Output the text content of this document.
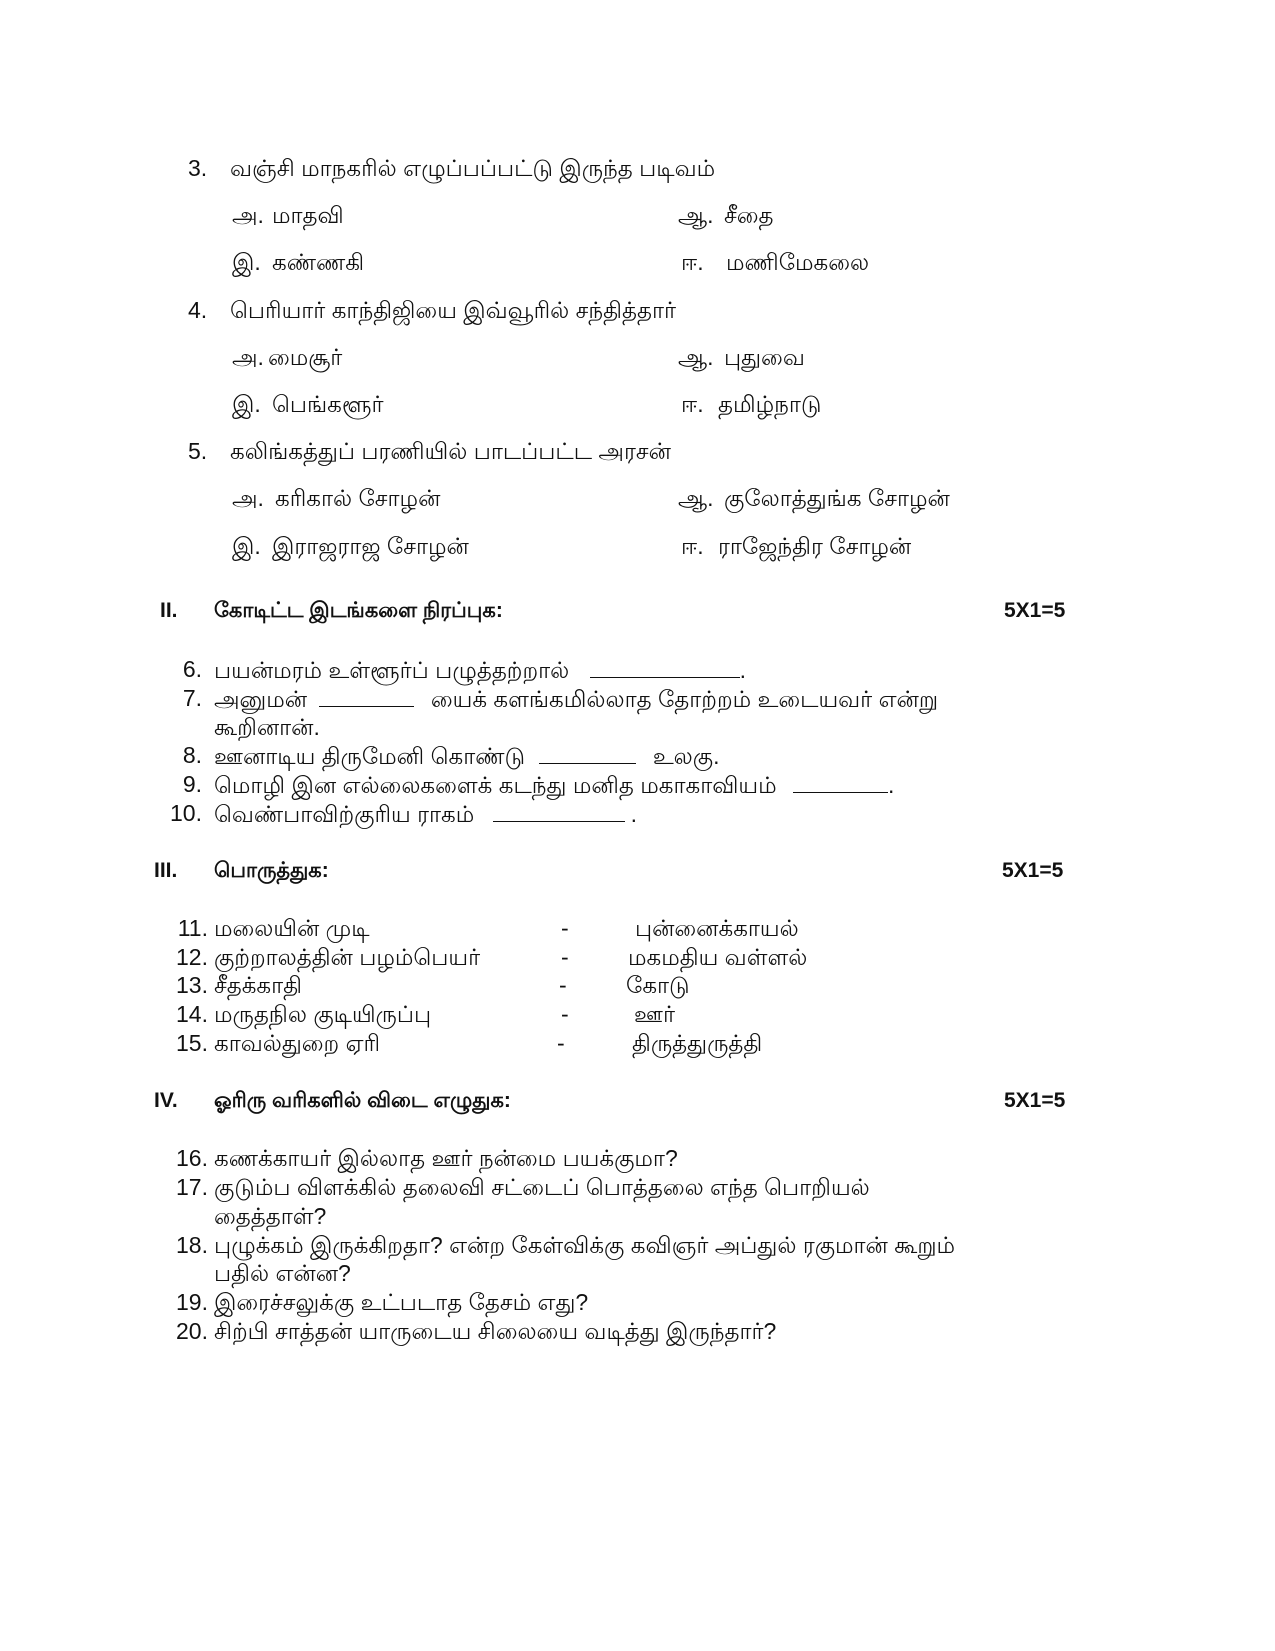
3. வஞ்சி மாநகரில் எழுப்பப்பட்டு இருந்த படிவம்
அ. மாதவி	ஆ. சீதை
இ. கண்ணகி	ஈ. மணிமேகலை
4. பெரியார் காந்திஜியை இவ்வூரில் சந்தித்தார்
அ. மைசூர்	ஆ. புதுவை
இ. பெங்களூர்	ஈ. தமிழ்நாடு
5. கலிங்கத்துப் பரணியில் பாடப்பட்ட அரசன்
அ. கரிகால் சோழன்	ஆ. குலோத்துங்க சோழன்
இ. இராஜராஜ சோழன்	ஈ. ராஜேந்திர சோழன்
II. கோடிட்ட இடங்களை நிரப்புக:	5X1=5
6. பயன்மரம் உள்ளூர்ப் பழுத்தற்றால்	.
7. அனுமன்	யைக் களங்கமில்லாத தோற்றம் உடையவர் என்று
கூறினான்.
8. ஊனாடிய திருமேனி கொண்டு	உலகு.
9. மொழி இன எல்லைகளைக் கடந்து மனித மகாகாவியம்	.
10. வெண்பாவிற்குரிய ராகம்	.
III. பொருத்துக:	5X1=5
11. மலையின் முடி	-	புன்னைக்காயல்
12. குற்றாலத்தின் பழம்பெயர்	-	மகமதிய வள்ளல்
13. சீதக்காதி	-	கோடு
14. மருதநில குடியிருப்பு	-	ஊர்
15. காவல்துறை ஏரி	-	திருத்துருத்தி
IV. ஓரிரு வரிகளில் விடை எழுதுக:	5X1=5
16. கணக்காயர் இல்லாத ஊர் நன்மை பயக்குமா?
17. குடும்ப விளக்கில் தலைவி சட்டைப் பொத்தலை எந்த பொறியல்
தைத்தாள்?
18. புழுக்கம் இருக்கிறதா? என்ற கேள்விக்கு கவிஞர் அப்துல் ரகுமான் கூறும்
பதில் என்ன?
19. இரைச்சலுக்கு உட்படாத தேசம் எது?
20. சிற்பி சாத்தன் யாருடைய சிலையை வடித்து இருந்தார்?
